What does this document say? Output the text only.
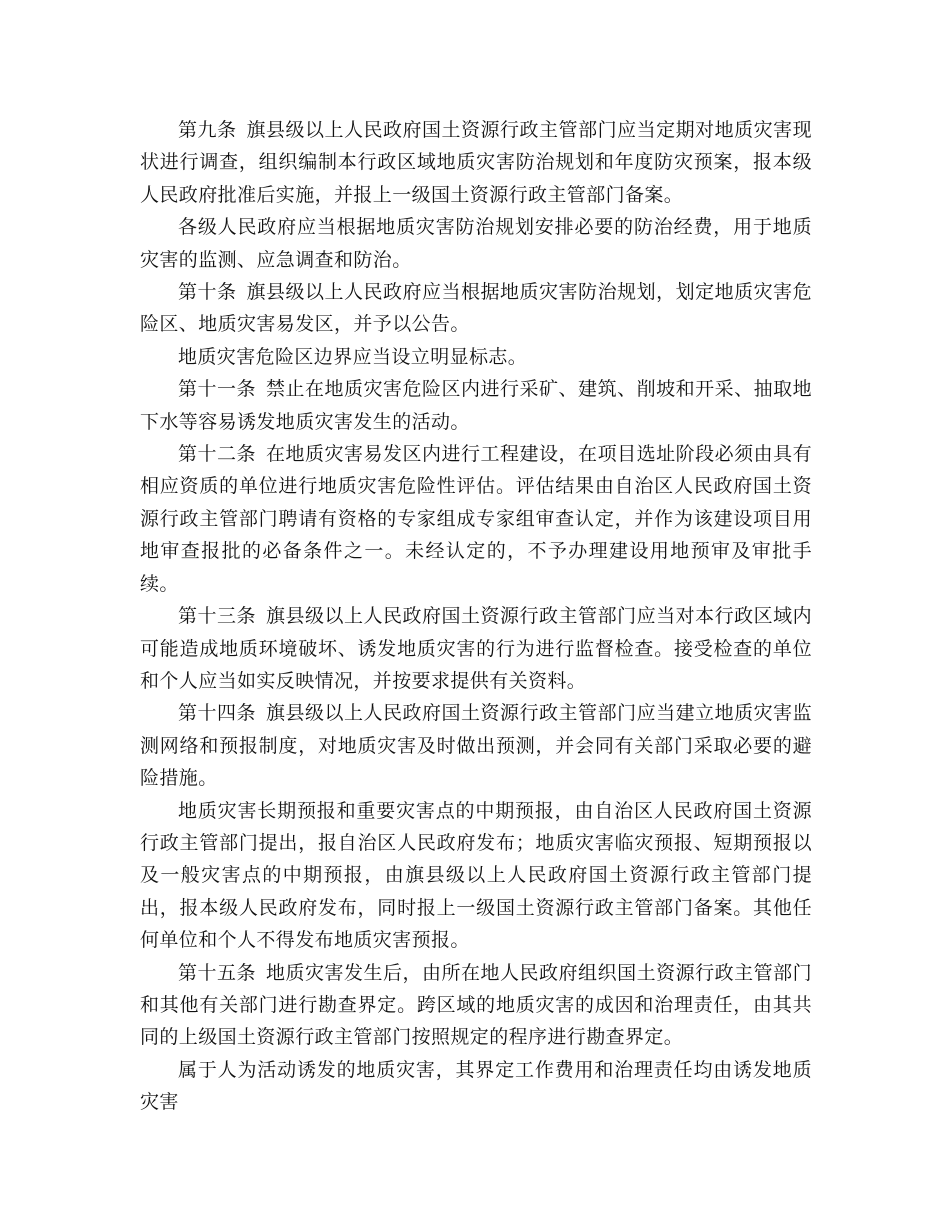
第九条 旗县级以上人民政府国土资源行政主管部门应当定期对地质灾害现状进行调查，组织编制本行政区域地质灾害防治规划和年度防灾预案，报本级人民政府批准后实施，并报上一级国土资源行政主管部门备案。

各级人民政府应当根据地质灾害防治规划安排必要的防治经费，用于地质灾害的监测、应急调查和防治。

第十条 旗县级以上人民政府应当根据地质灾害防治规划，划定地质灾害危险区、地质灾害易发区，并予以公告。

地质灾害危险区边界应当设立明显标志。

第十一条 禁止在地质灾害危险区内进行采矿、建筑、削坡和开采、抽取地下水等容易诱发地质灾害发生的活动。

第十二条 在地质灾害易发区内进行工程建设，在项目选址阶段必须由具有相应资质的单位进行地质灾害危险性评估。评估结果由自治区人民政府国土资源行政主管部门聘请有资格的专家组成专家组审查认定，并作为该建设项目用地审查报批的必备条件之一。未经认定的，不予办理建设用地预审及审批手续。

第十三条 旗县级以上人民政府国土资源行政主管部门应当对本行政区域内可能造成地质环境破坏、诱发地质灾害的行为进行监督检查。接受检查的单位和个人应当如实反映情况，并按要求提供有关资料。

第十四条 旗县级以上人民政府国土资源行政主管部门应当建立地质灾害监测网络和预报制度，对地质灾害及时做出预测，并会同有关部门采取必要的避险措施。

地质灾害长期预报和重要灾害点的中期预报，由自治区人民政府国土资源行政主管部门提出，报自治区人民政府发布；地质灾害临灾预报、短期预报以及一般灾害点的中期预报，由旗县级以上人民政府国土资源行政主管部门提出，报本级人民政府发布，同时报上一级国土资源行政主管部门备案。其他任何单位和个人不得发布地质灾害预报。

第十五条 地质灾害发生后，由所在地人民政府组织国土资源行政主管部门和其他有关部门进行勘查界定。跨区域的地质灾害的成因和治理责任，由其共同的上级国土资源行政主管部门按照规定的程序进行勘查界定。

属于人为活动诱发的地质灾害，其界定工作费用和治理责任均由诱发地质灾害
